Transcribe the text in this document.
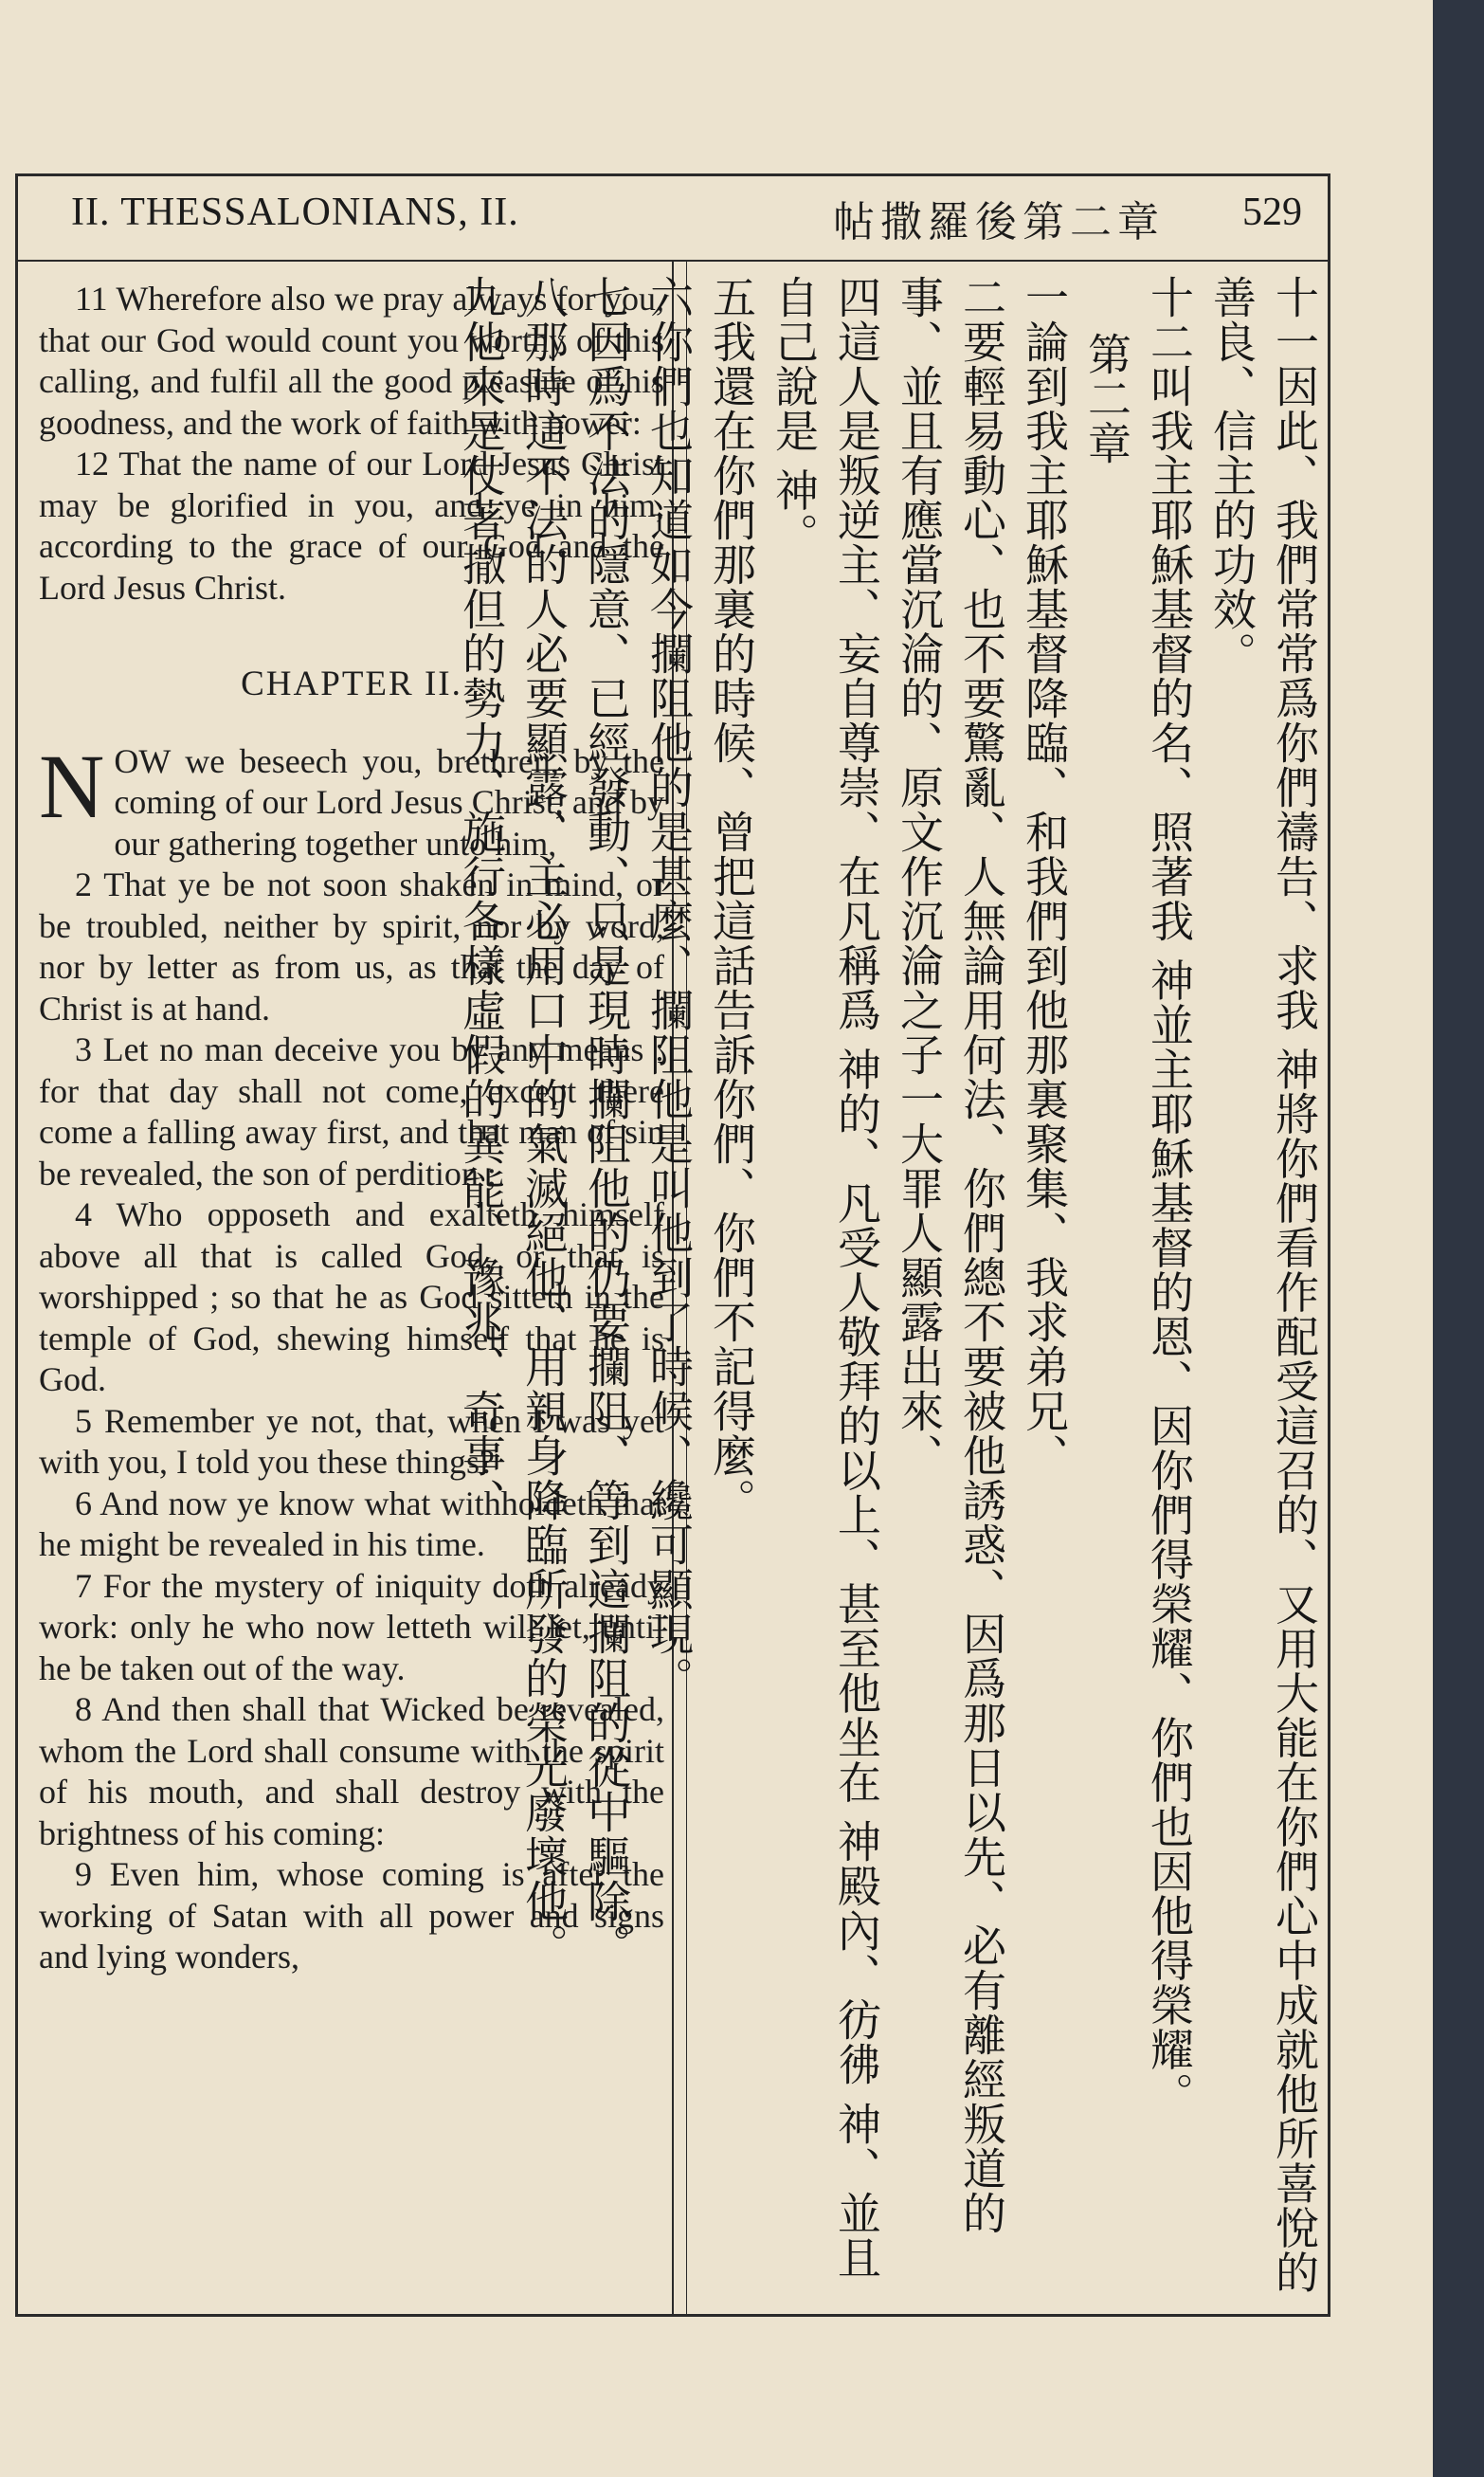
II. THESSALONIANS, II.	帖撒羅後第二章 529

11 Wherefore also we pray always for you, that our God would count you worthy of this calling, and fulfil all the good pleasure of his goodness, and the work of faith with power:

12 That the name of our Lord Jesus Christ may be glorified in you, and ye in him, according to the grace of our God and the Lord Jesus Christ.

CHAPTER II.

N OW we beseech you, brethren, by the coming of our Lord Jesus Christ, and by our gathering together unto him,

2 That ye be not soon shaken in mind, or be troubled, neither by spirit, nor by word, nor by letter as from us, as that the day of Christ is at hand.

3 Let no man deceive you by any means : for that day shall not come, except there come a falling away first, and that man of sin be revealed, the son of perdition ;

4 Who opposeth and exalteth himself above all that is called God, or that is worshipped ; so that he as God sitteth in the temple of God, shewing himself that he is God.

5 Remember ye not, that, when I was yet with you, I told you these things?

6 And now ye know what withholdeth that he might be revealed in his time.

7 For the mystery of iniquity doth already work: only he who now letteth will let, until he be taken out of the way.

8 And then shall that Wicked be revealed, whom the Lord shall consume with the spirit of his mouth, and shall destroy with the brightness of his coming:

9 Even him, whose coming is after the working of Satan with all power and signs and lying wonders,	十一因此、我們常常爲你們禱告、求我 神將你們看作配受這召的、又用大能在你們心中成就他所喜悅的善良、信主的功效。

十二叫我主耶穌基督的名、照著我 神並主耶穌基督的恩、因你們得榮耀、你們也因他得榮耀。

第二章

一論到我主耶穌基督降臨、和我們到他那裏聚集、我求弟兄、

二要輕易動心、也不要驚亂、人無論用何法、你們總不要被他誘惑、因爲那日以先、必有離經叛道的事、並且有應當沉淪的、原文作沉淪之子一大罪人顯露出來、

四這人是叛逆主、妄自尊崇、在凡稱爲 神的、凡受人敬拜的以上、甚至他坐在 神殿內、彷彿 神、並且自己說是 神。

五我還在你們那裏的時候、曾把這話告訴你們、你們不記得麼。

六你們也知道如今攔阻他的是甚麼、攔阻他是叫他到了時候、纔可顯現。

七因爲不法的隱意、已經發動、只是現時攔阻他的仍要攔阻、等到這攔阻的從中驅除。

八那時這不法的人必要顯露、主必用口中的氣滅絕他、用親身降臨所發的榮光廢壞他。

九他來是仗著撒但的勢力、施行各樣虛假的異能、豫兆、奇事、
